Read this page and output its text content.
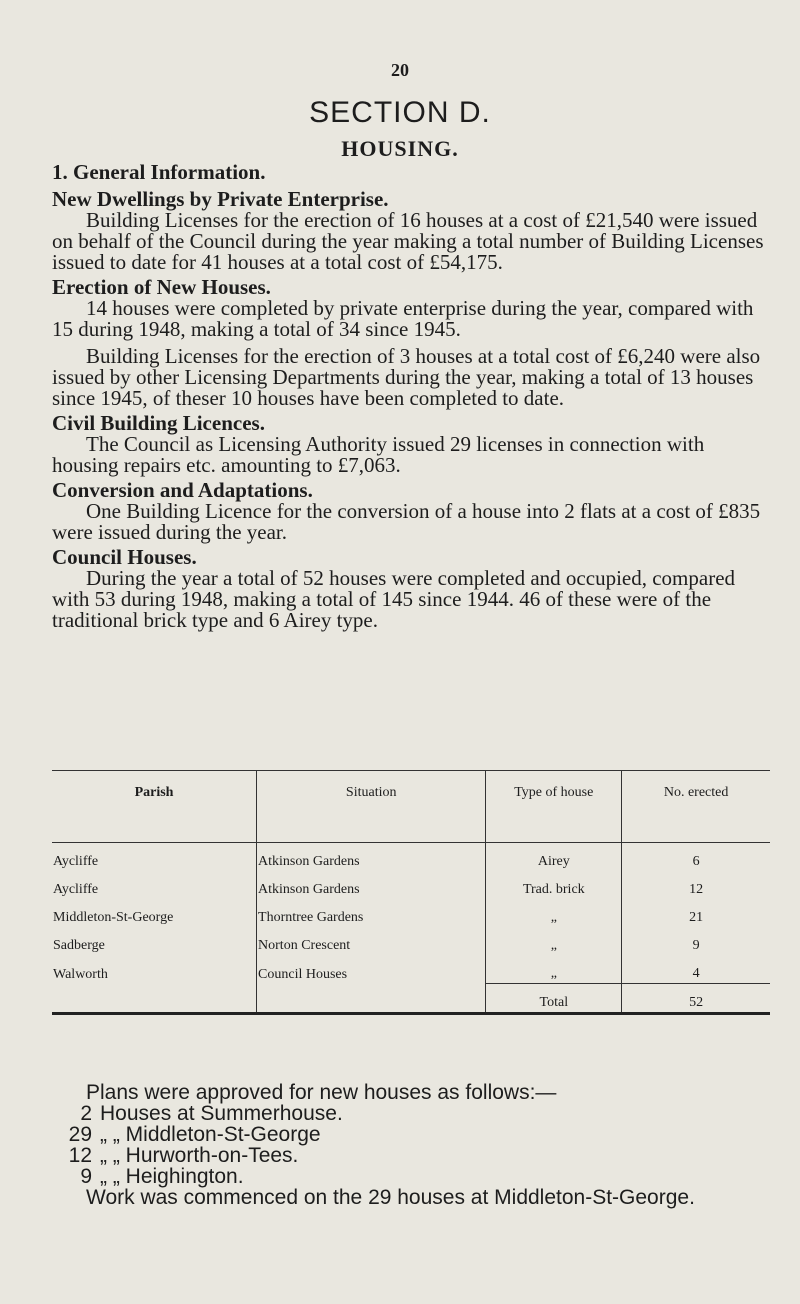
20
SECTION D.
HOUSING.
1. General Information.
New Dwellings by Private Enterprise.

Building Licenses for the erection of 16 houses at a cost of £21,540 were issued on behalf of the Council during the year making a total number of Building Licenses issued to date for 41 houses at a total cost of £54,175.

Erection of New Houses.

14 houses were completed by private enterprise during the year, compared with 15 during 1948, making a total of 34 since 1945.

Building Licenses for the erection of 3 houses at a total cost of £6,240 were also issued by other Licensing Departments during the year, making a total of 13 houses since 1945, of theser 10 houses have been completed to date.

Civil Building Licences.

The Council as Licensing Authority issued 29 licenses in connection with housing repairs etc. amounting to £7,063.

Conversion and Adaptations.

One Building Licence for the conversion of a house into 2 flats at a cost of £835 were issued during the year.

Council Houses.

During the year a total of 52 houses were completed and occupied, compared with 53 during 1948, making a total of 145 since 1944. 46 of these were of the traditional brick type and 6 Airey type.

Parish	Situation	Type of house	No. erected
Aycliffe	Atkinson Gardens	Airey	6
Aycliffe	Atkinson Gardens	Trad. brick	12
Middleton-St-George	Thorntree Gardens	„	21
Sadberge	Norton Crescent	„	9
Walworth	Council Houses	„	4
		Total	52
Plans were approved for new houses as follows:—
2 Houses at Summerhouse.
29 „ „ Middleton-St-George
12 „ „ Hurworth-on-Tees.
9 „ „ Heighington.
Work was commenced on the 29 houses at Middleton-St-George.
